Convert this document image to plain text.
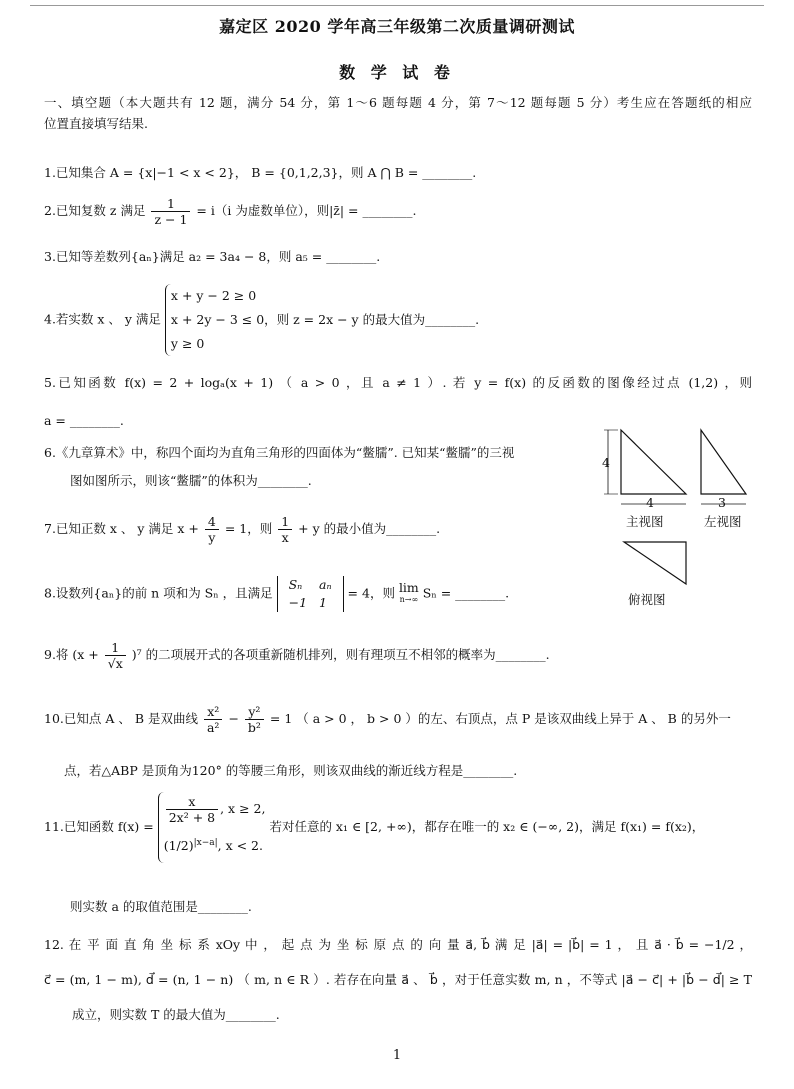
嘉定区 2020 学年高三年级第二次质量调研测试
数 学 试 卷
一、填空题（本大题共有 12 题，满分 54 分，第 1～6 题每题 4 分，第 7～12 题每题 5 分）考生应在答题纸的相应
位置直接填写结果.
1.已知集合 A = {x|−1 < x < 2}， B = {0,1,2,3}，则 A ⋂ B = ________.
2.已知复数 z 满足 $\frac{1}{z - 1} = i(i$ 为虚数单位），则|z̄| = ________.
3.已知等差数列{aₙ}满足 a₂ = 3a₄ − 8，则 a₅ = ________.
4.若实数 x 、 y 满足
x + y − 2 ≥ 0
x + 2y − 3 ≤ 0，则 z = 2x − y 的最大值为________.
y ≥ 0
5.已知函数 f(x) = 2 + logₐ(x + 1) （ a > 0 ，且 a ≠ 1 ）. 若 y = f(x) 的反函数的图像经过点 (1,2) ，则
a = ________.
6.《九章算术》中，称四个面均为直角三角形的四面体为“鳖臑”. 已知某“鳖臑”的三视
图如图所示，则该“鳖臑”的体积为________.
4
4	3
主视图	左视图
俯视图
7.已知正数 x 、 y 满足 $x + \frac{4}{y} = 1$，则 $\frac{1}{x} + y$ 的最小值为________.
8.设数列{aₙ}的前 n 项和为 Sₙ ，且满足
Sₙ	aₙ
−1	1
= 4，则 lim
n→∞ Sₙ = ________.
9.将 $(x + \frac{1}{√x} )^7$ 的二项展开式的各项重新随机排列，则有理项互不相邻的概率为________.
10.已知点 A 、 B 是双曲线 $\frac{\text{x²}}{\text{a²}} - \frac{\text{y²}}{\text{b²}} = 1$ （ a > 0 ， b > 0 ）的左、右顶点，点 P 是该双曲线上异于 A 、 B 的另外一
点，若△ABP 是顶角为120° 的等腰三角形，则该双曲线的渐近线方程是________.
11.已知函数 f(x) =
$\frac{x}{\text{2x² + 8}}$ , x ≥ 2,
$(1/2)^{|x-a|}$, x < 2.
若对任意的 x₁ ∈ [2, +∞)，都存在唯一的 x₂ ∈ (−∞, 2)，满足 f(x₁) = f(x₂)，
则实数 a 的取值范围是________.
12. 在 平 面 直 角 坐 标 系 xOy 中 ， 起 点 为 坐 标 原 点 的 向 量 a⃗, b⃗ 满 足 |a⃗| = |b⃗| = 1 ， 且 a⃗ · b⃗ = −1/2 ，
c⃗ = (m, 1 − m), d⃗ = (n, 1 − n) （ m, n ∈ R ）. 若存在向量 a⃗ 、 b⃗ ，对于任意实数 m, n ，不等式 |a⃗ − c⃗| + |b⃗ − d⃗| ≥ T
成立，则实数 T 的最大值为________.
1
